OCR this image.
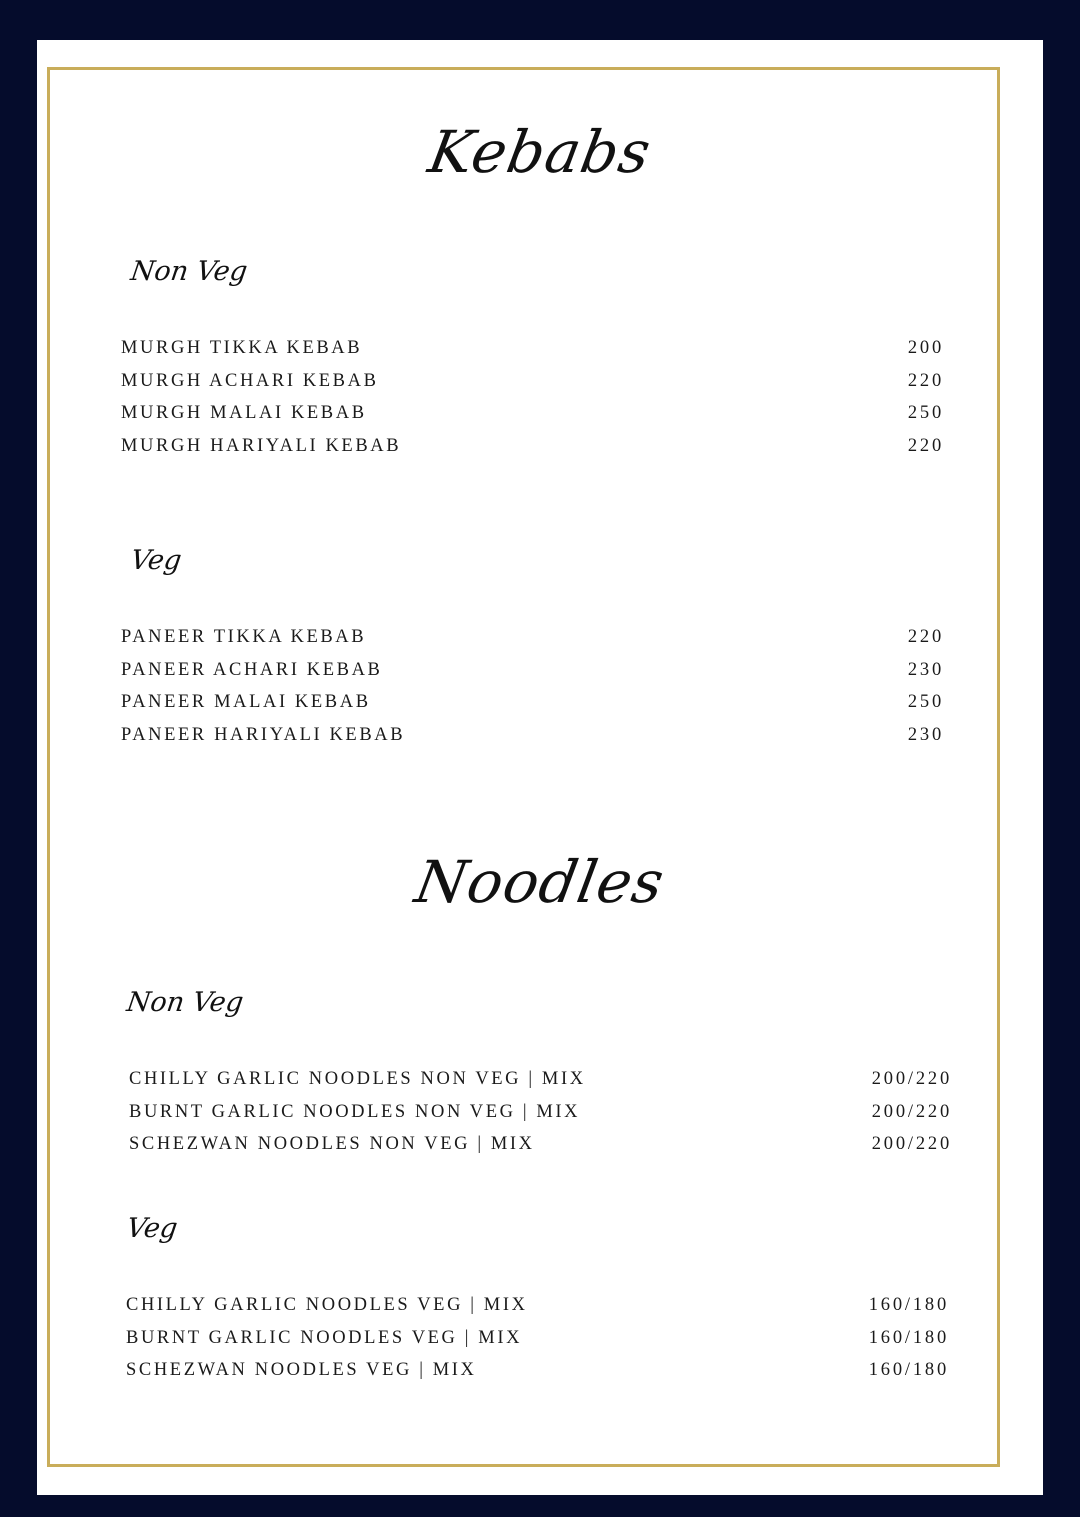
Kebabs
Non Veg
MURGH TIKKA KEBAB	200
MURGH ACHARI KEBAB	220
MURGH MALAI KEBAB	250
MURGH HARIYALI KEBAB	220
Veg
PANEER TIKKA KEBAB	220
PANEER ACHARI KEBAB	230
PANEER MALAI KEBAB	250
PANEER HARIYALI KEBAB	230
Noodles
Non Veg
CHILLY GARLIC NOODLES NON VEG | MIX	200/220
BURNT GARLIC NOODLES NON VEG | MIX	200/220
SCHEZWAN NOODLES NON VEG | MIX	200/220
Veg
CHILLY GARLIC NOODLES VEG | MIX	160/180
BURNT GARLIC NOODLES VEG | MIX	160/180
SCHEZWAN NOODLES VEG | MIX	160/180
